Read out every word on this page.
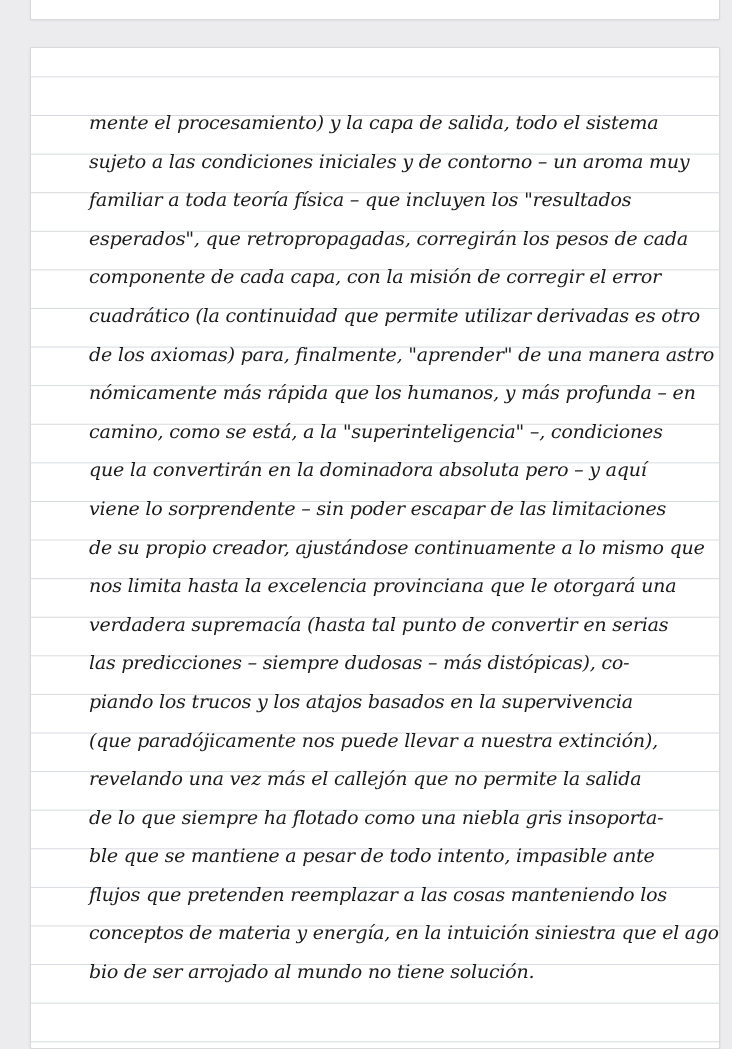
mente el procesamiento) y la capa de salida, todo el sistema
sujeto a las condiciones iniciales y de contorno – un aroma muy
familiar a toda teoría física – que incluyen los "resultados
esperados", que retropropagadas, corregirán los pesos de cada
componente de cada capa, con la misión de corregir el error
cuadrático (la continuidad que permite utilizar derivadas es otro
de los axiomas) para, finalmente, "aprender" de una manera astro
nómicamente más rápida que los humanos, y más profunda – en
camino, como se está, a la "superinteligencia" –, condiciones
que la convertirán en la dominadora absoluta pero – y aquí
viene lo sorprendente – sin poder escapar de las limitaciones
de su propio creador, ajustándose continuamente a lo mismo que
nos limita hasta la excelencia provinciana que le otorgará una
verdadera supremacía (hasta tal punto de convertir en serias
las predicciones – siempre dudosas – más distópicas), co-
piando los trucos y los atajos basados en la supervivencia
(que paradójicamente nos puede llevar a nuestra extinción),
revelando una vez más el callejón que no permite la salida
de lo que siempre ha flotado como una niebla gris insoporta-
ble que se mantiene a pesar de todo intento, impasible ante
flujos que pretenden reemplazar a las cosas manteniendo los
conceptos de materia y energía, en la intuición siniestra que el ago
bio de ser arrojado al mundo no tiene solución.
